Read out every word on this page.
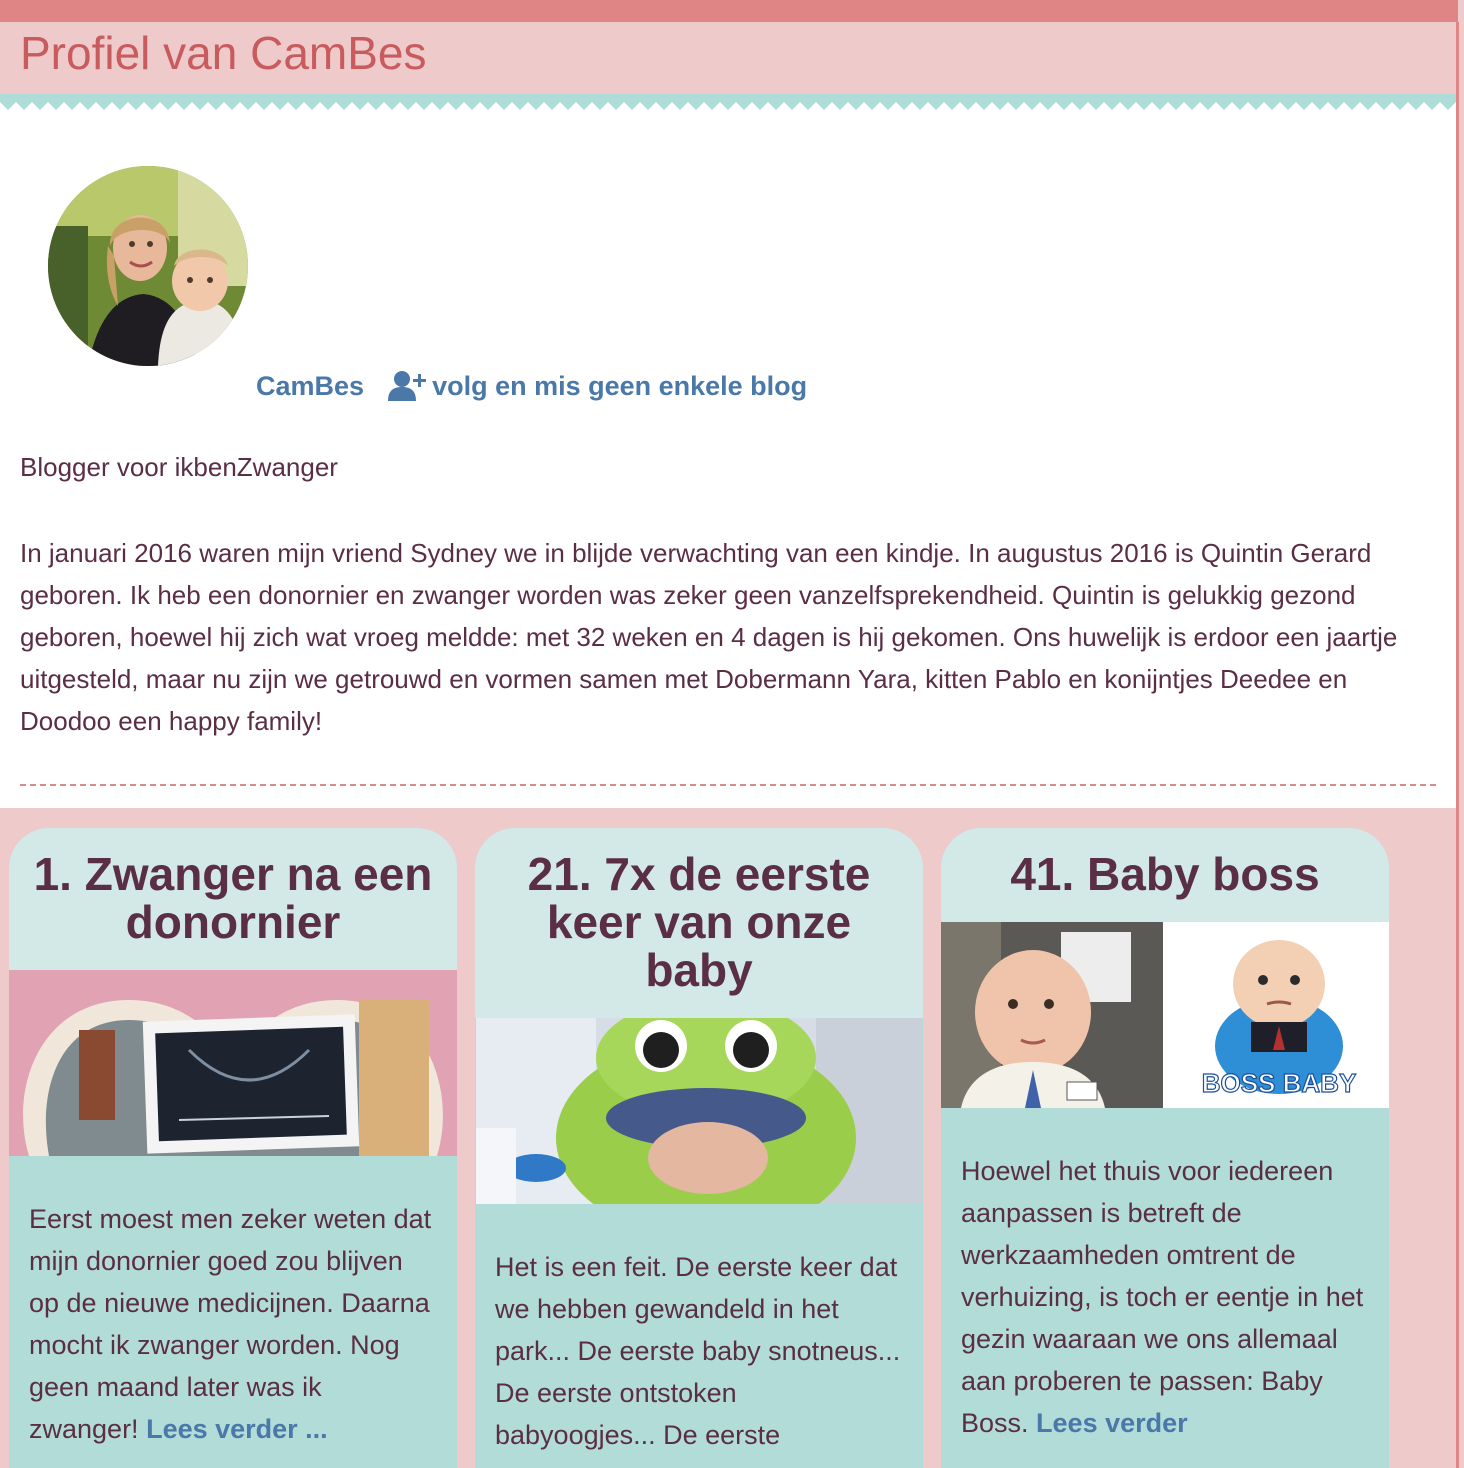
Profiel van CamBes
CamBes	volg en mis geen enkele blog

Blogger voor ikbenZwanger

In januari 2016 waren mijn vriend Sydney we in blijde verwachting van een kindje. In augustus 2016 is Quintin Gerard geboren. Ik heb een donornier en zwanger worden was zeker geen vanzelfsprekendheid. Quintin is gelukkig gezond geboren, hoewel hij zich wat vroeg meldde: met 32 weken en 4 dagen is hij gekomen. Ons huwelijk is erdoor een jaartje uitgesteld, maar nu zijn we getrouwd en vormen samen met Dobermann Yara, kitten Pablo en konijntjes Deedee en Doodoo een happy family!

1. Zwanger na een donornier
Eerst moest men zeker weten dat mijn donornier goed zou blijven op de nieuwe medicijnen. Daarna mocht ik zwanger worden. Nog geen maand later was ik zwanger! Lees verder ...
21. 7x de eerste keer van onze baby
Het is een feit. De eerste keer dat we hebben gewandeld in het park... De eerste baby snotneus... De eerste ontstoken babyoogjes... De eerste
41. Baby boss
BOSS BABY
Hoewel het thuis voor iedereen aanpassen is betreft de werkzaamheden omtrent de verhuizing, is toch er eentje in het gezin waaraan we ons allemaal aan proberen te passen: Baby Boss. Lees verder
